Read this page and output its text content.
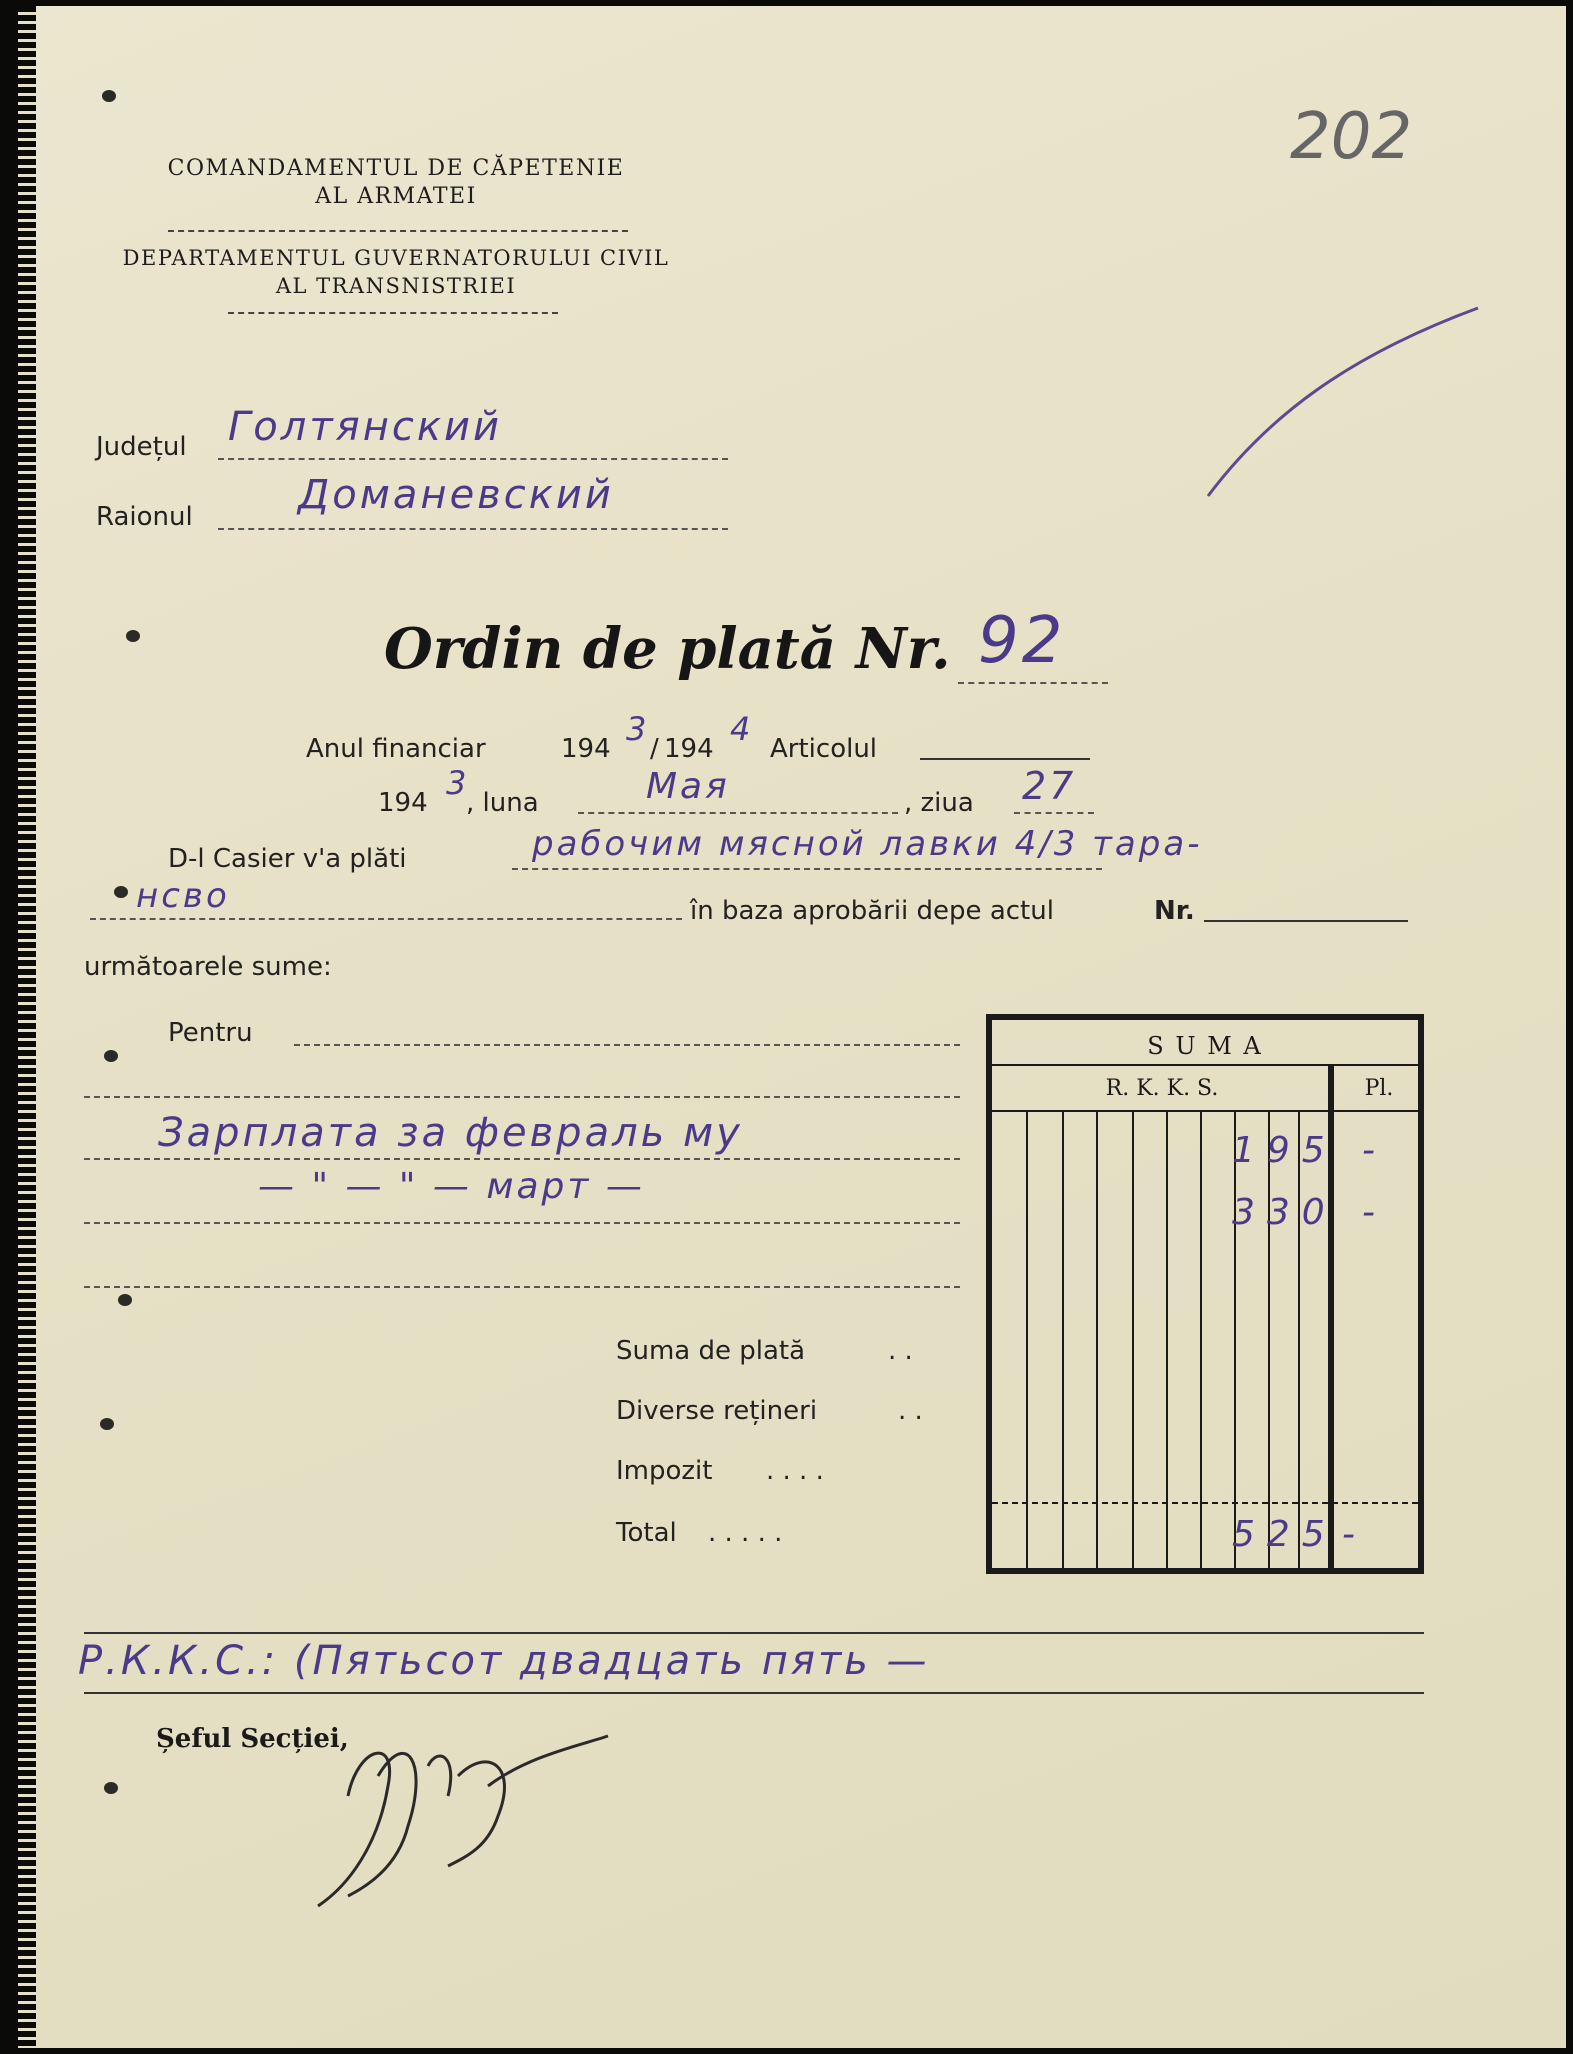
COMANDAMENTUL DE CĂPETENIE
AL ARMATEI
DEPARTAMENTUL GUVERNATORULUI CIVIL
AL TRANSNISTRIEI
202
Județul Голтянский
Raionul	Доманевский
Ordin de plată Nr. 92
Anul financiar	194
3
/ 194
4
Articolul
194
3
, luna	Мая	, ziua 27
D-l Casier v'a plăti	рабочим мясной лавки 4/3 тара-
нсво	în baza aprobării depe actul	Nr.
următoarele sume:
Pentru
Зарплата за февраль му
— " — " — март —
S U M A
R. K. K. S.	Pl.
195 -
330 -
525 -
Suma de plată	. .
Diverse rețineri	. .
Impozit . . . .
Total . . . . .
Р.К.К.С.: (Пятьсот двадцать пять —
Șeful Secției,
